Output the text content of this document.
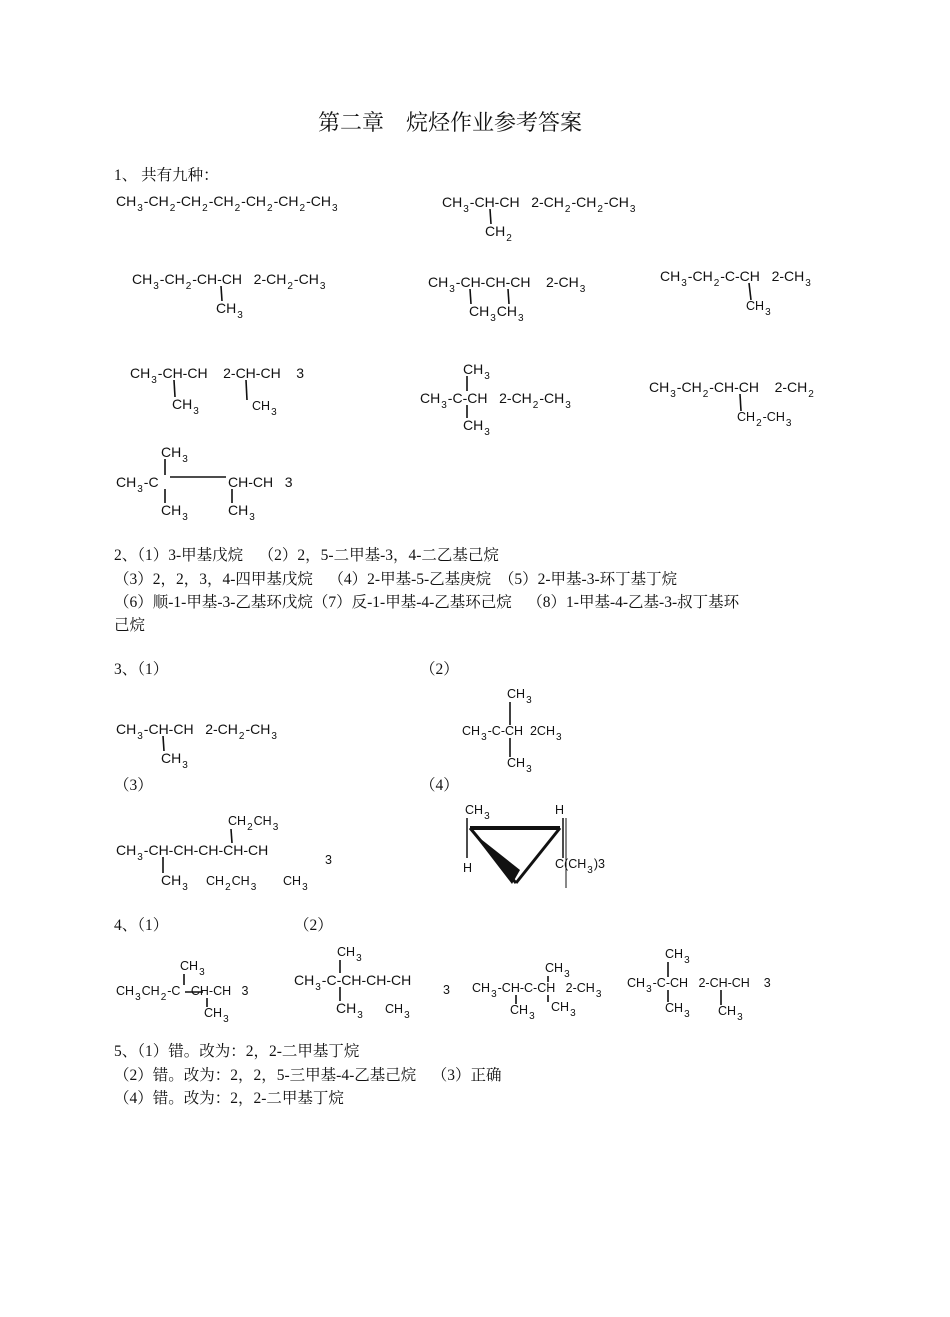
第二章    烷烃作业参考答案
1、 共有九种：
$CH_3-CH_2-CH_2-CH_2-CH_2-CH_2-CH_3$	$CH_3-CH-CH$   $2-CH_2-CH_2-CH_3$
$CH_2$
$CH_3-CH_2-CH-CH$   $2-CH_2-CH_3$
$CH_3$
$CH_3-CH-CH-CH$    $2-CH_3$
$CH_3CH_3$
$CH_3-CH_2-C-CH$   $2-CH_3$
$CH_3$
$CH_3-CH-CH$    2-CH-CH    3
$CH_3$	$CH_3$
$CH_3$
$CH_3-C-CH$   $2-CH_2-CH_3$
$CH_3$
$CH_3-CH_2-CH-CH$    $2-CH_2$
$CH_2-CH_3$
$CH_3$
$CH_3-C$	CH-CH   3
$CH_3$	$CH_3$
2、（1）3-甲基戊烷    （2）2，5-二甲基-3，4-二乙基己烷
（3）2，2，3，4-四甲基戊烷    （4）2-甲基-5-乙基庚烷  （5）2-甲基-3-环丁基丁烷
（6）顺-1-甲基-3-乙基环戊烷（7）反-1-甲基-4-乙基环己烷    （8）1-甲基-4-乙基-3-叔丁基环
己烷
3、（1）	（2）
$CH_3-CH-CH$   $2-CH_2-CH_3$
$CH_3$
$CH_3$
$CH_3-C-CH$  $2CH_3$
$CH_3$
（3）	（4）
$CH_2CH_3$
$CH_3-CH-CH-CH-CH-CH$
3
$CH_3$ $CH_2CH_3$ $CH_3$
$CH_3$	H
H	$C(CH_3)3$
4、（1）	（2）
$CH_3$
$CH_3CH_2-C$   CH-CH   3
$CH_3$
$CH_3$
$CH_3-C-CH-CH-CH$
3
$CH_3$ $CH_3$
$CH_3$
$CH_3-CH-C-CH$   $2-CH_3$
$CH_3$
$CH_3$
$CH_3$
$CH_3-C-CH$   2-CH-CH    3
$CH_3$ $CH_3$
5、（1）错。改为：2，2-二甲基丁烷
（2）错。改为：2，2，5-三甲基-4-乙基己烷    （3）正确
（4）错。改为：2，2-二甲基丁烷
